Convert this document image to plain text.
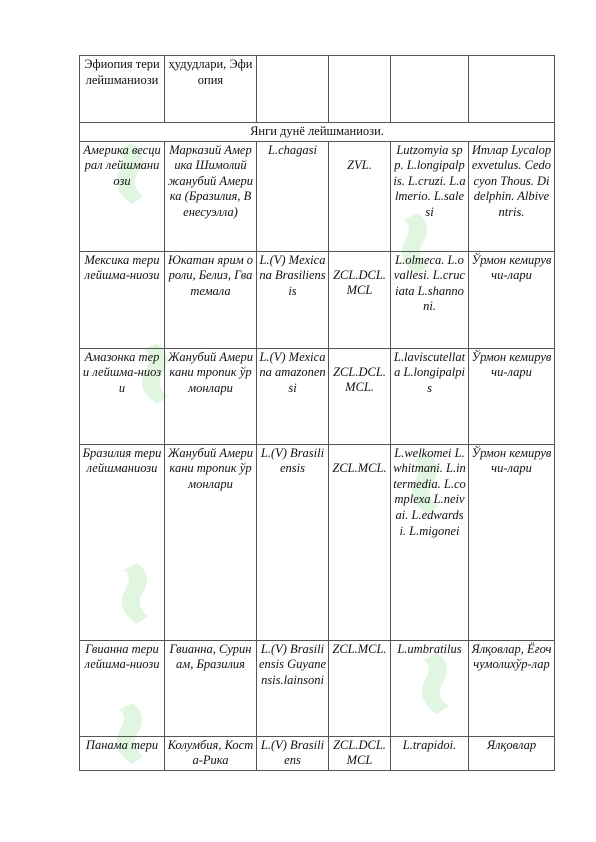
Эфиопия тери лейшманиози	ҳудудлари, Эфиопия				
Янги дунё лейшманиози.					
Америка весцирал лейшманиози	Марказий Америка Шимолий жанубий Америка (Бразилия, Венесуэлла)	L.chagasi	ZVL.	Lutzomyia spp. L.longipalpis. L.cruzi. L.almerio. L.salesi	Итлар Lycalopexvetulus. Cedocyon Thous. Didelphin. Albiventris.
Мексика тери лейшма-ниози	Юкатан ярим ороли, Белиз, Гватемала	L.(V) Mexicana Brasiliensis	ZCL.DCL. MCL	L.olmeca. L.ovallesi. L.cruciata L.shannoni.	Ўрмон кемирувчи-лари
Амазонка тери лейшма-ниози	Жанубий Американи тропик ўрмонлари	L.(V) Mexicana amazonensi	ZCL.DCL. MCL.	L.laviscutellata L.longipalpis	Ўрмон кемирувчи-лари
Бразилия тери лейшманиози	Жанубий Американи тропик ўрмонлари	L.(V) Brasiliensis	ZCL.MCL.	L.welkomei L.whitmani. L.intermedia. L.complexa L.neivai. L.edwardsi. L.migonei	Ўрмон кемирувчи-лари
Гвианна тери лейшма-ниози	Гвианна, Суринам, Бразилия	L.(V) Brasiliensis Guyanensis.lainsoni	ZCL.MCL.	L.umbratilus	Ялқовлар, Ёғоч чумолихўр-лар
Панама тери	Колумбия, Коста-Рика	L.(V) Brasiliens	ZCL.DCL. MCL	L.trapidoi.	Ялқовлар
